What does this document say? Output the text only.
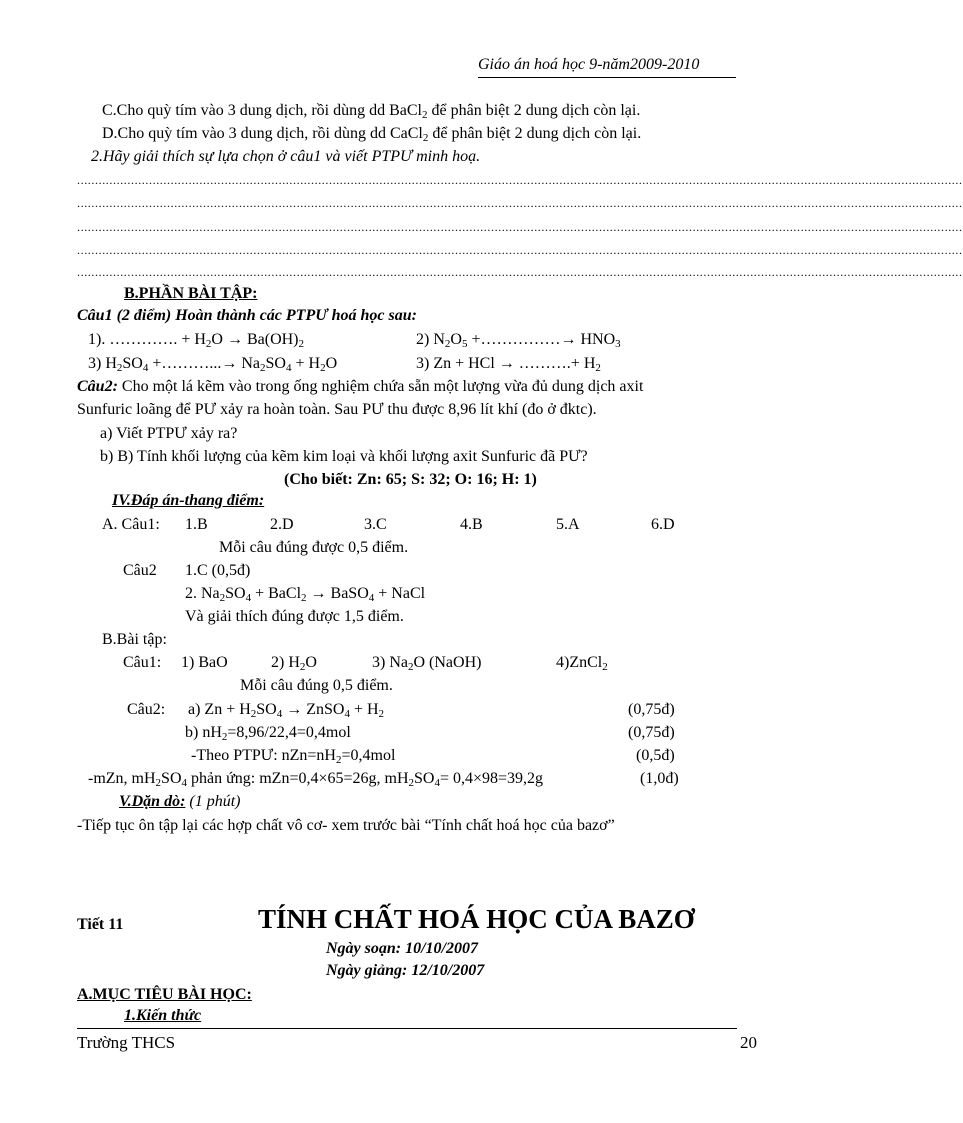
Giáo án hoá học 9-năm2009-2010
C.Cho quỳ tím vào 3 dung dịch, rồi dùng dd BaCl$_2$ để phân biệt 2 dung dịch còn lại.
D.Cho quỳ tím vào 3 dung dịch, rồi dùng dd CaCl$_2$ để phân biệt 2 dung dịch còn lại.
2.Hãy giải thích sự lựa chọn ở câu1 và viết PTPƯ minh hoạ.
......................................................................................................................................................................................................................................................
......................................................................................................................................................................................................................................................
......................................................................................................................................................................................................................................................
......................................................................................................................................................................................................................................................
......................................................................................................................................................................................................................................................
B.PHẦN BÀI TẬP:
Câu1 (2 điểm) Hoàn thành các PTPƯ hoá học sau:
1). …………. + $H_2O \to Ba(OH)_2$	2) $N_2O_5$ +……………→ $HNO_3$
3) $H_2SO_4$ +………...→ $Na_2SO_4 + H_2O$	3) Zn + HCl → ……….+ $H_2$
Câu2: Cho một lá kẽm vào trong ống nghiệm chứa sẵn một lượng vừa đủ dung dịch axit
Sunfuric loãng để PƯ xảy ra hoàn toàn. Sau PƯ thu được 8,96 lít khí (đo ở đktc).
a) Viết PTPƯ xảy ra?
b) B) Tính khối lượng của kẽm kim loại và khối lượng axit Sunfuric đã PƯ?
(Cho biết: Zn: 65; S: 32; O: 16; H: 1)
IV.Đáp án-thang điểm:
A. Câu1: 1.B	2.D	3.C	4.B	5.A	6.D
Mỗi câu đúng được 0,5 điểm.
Câu2 1.C (0,5đ)
2. $Na_2SO_4$ + BaCl$_2$ → BaSO$_4$ + NaCl
Và giải thích đúng được 1,5 điểm.
B.Bài tập:
Câu1: 1) BaO	2) $H_2O$	3) $Na_2O$ (NaOH)	4)ZnCl$_2$
Mỗi câu đúng 0,5 điểm.
Câu2: a) $Zn + H_2SO_4$ → ZnSO$_4$ + $H_2$	(0,75đ)
b) $nH_2=8,96/22,4=0,4mol$	(0,75đ)
-Theo PTPƯ: $nZn=nH_2=0,4mol$	(0,5đ)
-mZn, $mH_2SO_4$ phản ứng: mZn=0,4×65=26g, $mH_2SO_4= 0,4\times 98=39,2g$	(1,0đ)
V.Dặn dò: (1 phút)
-Tiếp tục ôn tập lại các hợp chất vô cơ- xem trước bài “Tính chất hoá học của bazơ”
Tiết 11	TÍNH CHẤT HOÁ HỌC CỦA BAZƠ
Ngày soạn: 10/10/2007
Ngày giảng: 12/10/2007
A.MỤC TIÊU BÀI HỌC:
1.Kiến thức
Trường THCS	20
